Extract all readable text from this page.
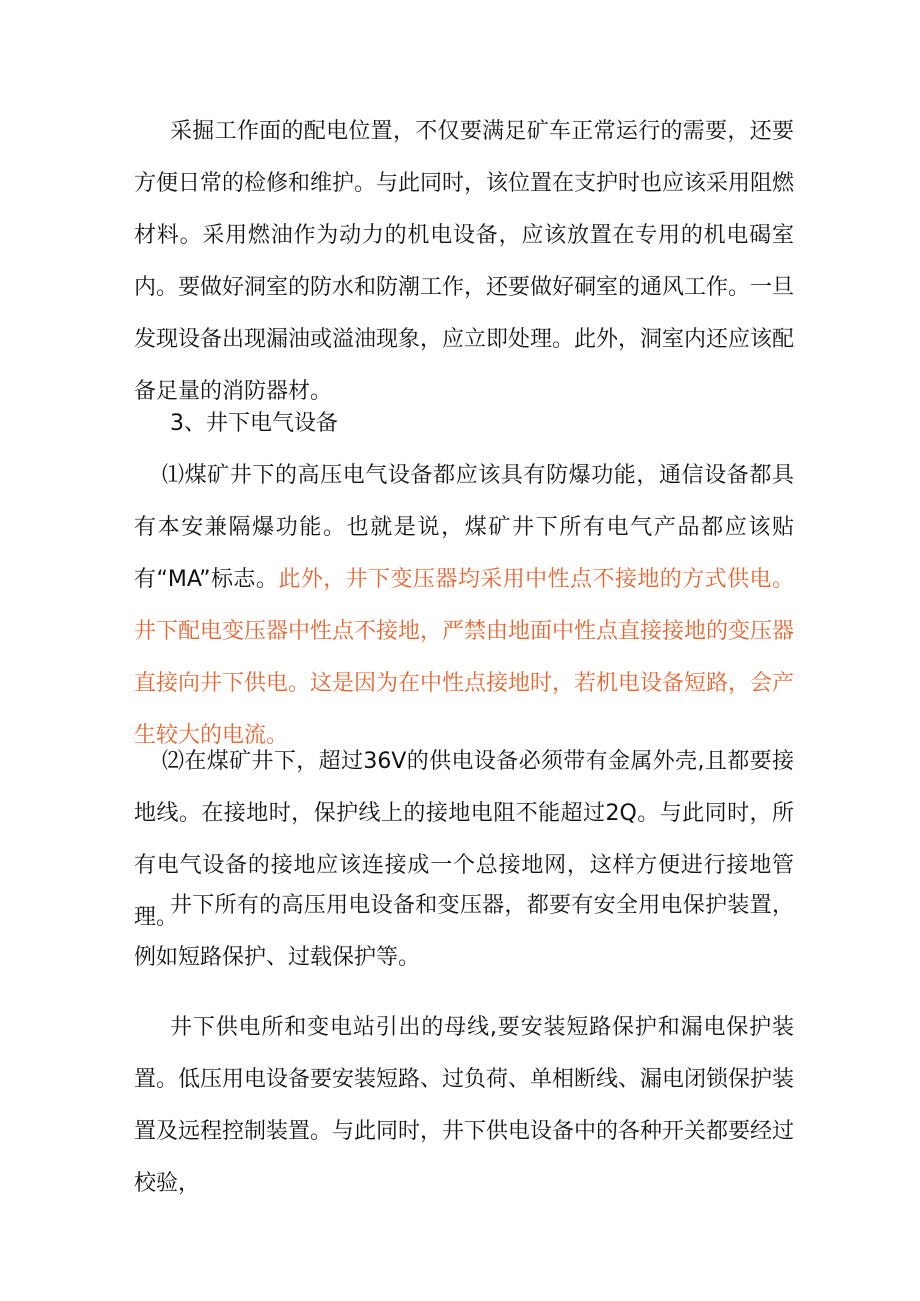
采掘工作面的配电位置，不仅要满足矿车正常运行的需要，还要方便日常的检修和维护。与此同时，该位置在支护时也应该采用阻燃材料。采用燃油作为动力的机电设备，应该放置在专用的机电碣室内。要做好洞室的防水和防潮工作，还要做好硐室的通风工作。一旦发现设备出现漏油或溢油现象，应立即处理。此外，洞室内还应该配备足量的消防器材。

3、井下电气设备

⑴煤矿井下的高压电气设备都应该具有防爆功能，通信设备都具有本安兼隔爆功能。也就是说，煤矿井下所有电气产品都应该贴有“MA”标志。此外，井下变压器均采用中性点不接地的方式供电。井下配电变压器中性点不接地，严禁由地面中性点直接接地的变压器直接向井下供电。这是因为在中性点接地时，若机电设备短路，会产生较大的电流。

⑵在煤矿井下，超过36V的供电设备必须带有金属外壳,且都要接地线。在接地时，保护线上的接地电阻不能超过2Q。与此同时，所有电气设备的接地应该连接成一个总接地网，这样方便进行接地管理。

井下所有的高压用电设备和变压器，都要有安全用电保护装置，例如短路保护、过载保护等。

井下供电所和变电站引出的母线,要安装短路保护和漏电保护装置。低压用电设备要安装短路、过负荷、单相断线、漏电闭锁保护装置及远程控制装置。与此同时，井下供电设备中的各种开关都要经过校验，
